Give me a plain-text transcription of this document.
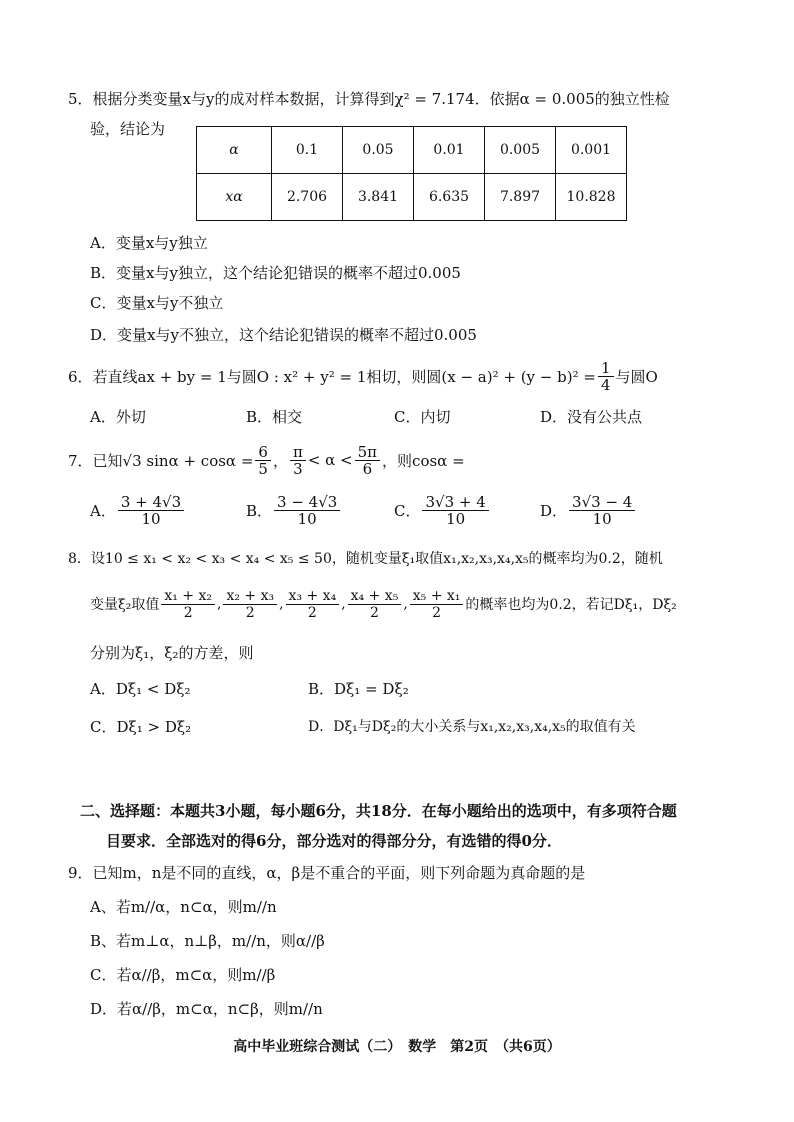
5．根据分类变量x与y的成对样本数据，计算得到χ² = 7.174．依据α = 0.005的独立性检
验，结论为
α	0.1	0.05	0.01	0.005	0.001
xα	2.706	3.841	6.635	7.897	10.828
A．变量x与y独立
B．变量x与y独立，这个结论犯错误的概率不超过0.005
C．变量x与y不独立
D．变量x与y不独立，这个结论犯错误的概率不超过0.005
6．若直线ax + by = 1与圆O : x² + y² = 1相切，则圆$(x - a)^2 + (y - b)^2 = \frac{1}{4}$ 与圆O
A．外切	B．相交	C．内切	D．没有公共点
7．已知√3 $\sin\alpha + \cos\alpha = \frac{6}{5}$ ， $\frac{\pi}{3} < \alpha < \frac{5\pi}{6}$ ，则cosα =
A． $\frac{3 + 4√3}{10}$	B． $\frac{3 - 4√3}{10}$	C． $\frac{3√3 + 4}{10}$	D． $\frac{3√3 - 4}{10}$
8．设10 ≤ x₁ < x₂ < x₃ < x₄ < x₅ ≤ 50，随机变量ξ₁取值x₁,x₂,x₃,x₄,x₅的概率均为0.2，随机
变量ξ₂取值 $\frac{\text{x₁ + x₂}}{2}$ , $\frac{\text{x₂ + x₃}}{2}$ , $\frac{\text{x₃ + x₄}}{2}$ , $\frac{\text{x₄ + x₅}}{2}$ , $\frac{\text{x₅ + x₁}}{2}$ 的概率也均为0.2，若记Dξ₁，Dξ₂
分别为ξ₁，ξ₂的方差，则
A．Dξ₁ < Dξ₂	B．Dξ₁ = Dξ₂
C．Dξ₁ > Dξ₂	D．Dξ₁与Dξ₂的大小关系与x₁,x₂,x₃,x₄,x₅的取值有关
二、选择题：本题共3小题，每小题6分，共18分．在每小题给出的选项中，有多项符合题
目要求．全部选对的得6分，部分选对的得部分分，有选错的得0分．
9．已知m，n是不同的直线，α，β是不重合的平面，则下列命题为真命题的是
A、若m//α，n⊂α，则m//n
B、若m⊥α，n⊥β，m//n，则α//β
C．若α//β，m⊂α，则m//β
D．若α//β，m⊂α，n⊂β，则m//n
高中毕业班综合测试（二）　数学　第2页　（共6页）
